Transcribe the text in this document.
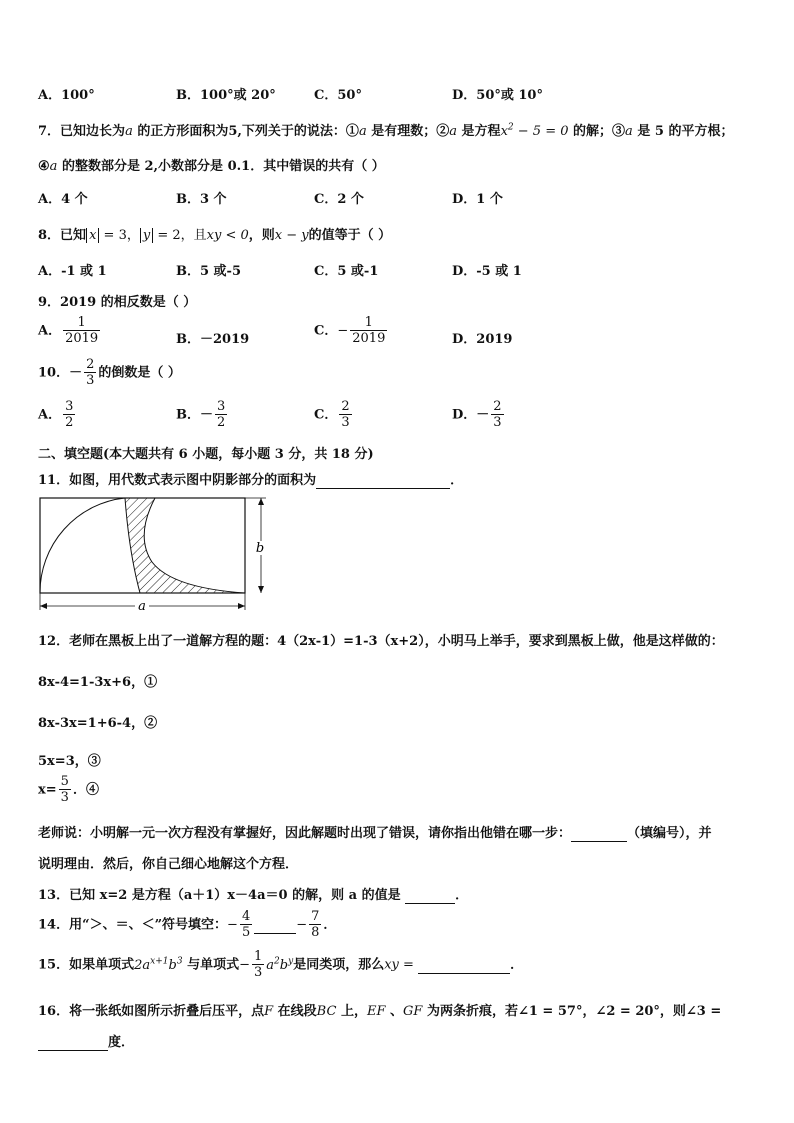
A．100°	B．100°或 20°	C．50°	D．50°或 10°
7．已知边长为a 的正方形面积为5,下列关于的说法：①a 是有理数；②a 是方程$x^2 - 5 = 0$ 的解；③a 是 5 的平方根；
④a 的整数部分是 2,小数部分是 0.1．其中错误的共有（ ）
A．4 个	B．3 个	C．2 个	D．1 个
8．已知 x = 3， y = 2，且xy < 0，则x − y的值等于（ ）
A．-1 或 1	B．5 或-5	C．5 或-1	D．-5 或 1
9．2019 的相反数是（ ）
A． $\frac{1}{2019}$	B．－2019
C．− $\frac{1}{2019}$	D．2019
10．－ $\frac{2}{3}$ 的倒数是（ ）
A． $\frac{3}{2}$	B．－ $\frac{3}{2}$	C． $\frac{2}{3}$	D．－ $\frac{2}{3}$
二、填空题(本大题共有 6 小题，每小题 3 分，共 18 分)
11．如图，用代数式表示图中阴影部分的面积为	．
a
b
12．老师在黑板上出了一道解方程的题：4（2x-1）=1-3（x+2），小明马上举手，要求到黑板上做，他是这样做的：
8x-4=1-3x+6，①
8x-3x=1+6-4，②
5x=3，③
$x= \frac{5}{3}$ ．④
老师说：小明解一元一次方程没有掌握好，因此解题时出现了错误，请你指出他错在哪一步：	（填编号），并
说明理由．然后，你自己细心地解这个方程．
13．已知 x=2 是方程（a＋1）x－4a＝0 的解，则 a 的值是	．
14．用“＞、＝、＜”符号填空：− $\frac{4}{5}$	− $\frac{7}{8}$ ．
15．如果单项式$2a^{x+1}b^3$ 与单项式− $\frac{1}{3} a^2b^y$是同类项，那么xy =	．
16．将一张纸如图所示折叠后压平，点F 在线段BC 上，EF 、GF 为两条折痕，若∠1 = 57°，∠2 = 20°，则∠3 =
度．
